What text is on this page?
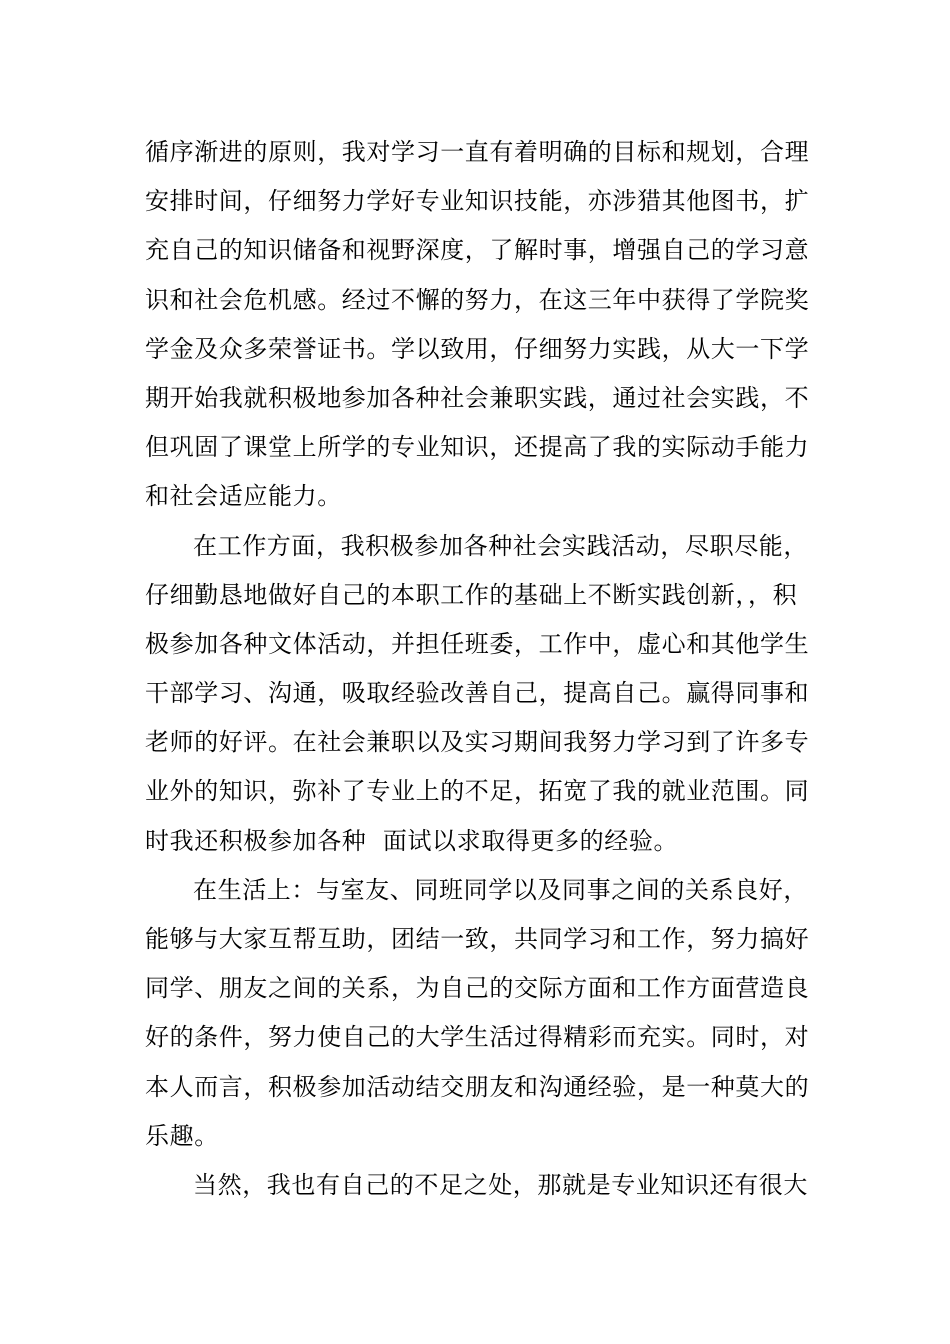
循序渐进的原则，我对学习一直有着明确的目标和规划，合理
安排时间，仔细努力学好专业知识技能，亦涉猎其他图书，扩
充自己的知识储备和视野深度，了解时事，增强自己的学习意
识和社会危机感。经过不懈的努力，在这三年中获得了学院奖
学金及众多荣誉证书。学以致用，仔细努力实践，从大一下学
期开始我就积极地参加各种社会兼职实践，通过社会实践，不
但巩固了课堂上所学的专业知识，还提高了我的实际动手能力
和社会适应能力。
在工作方面，我积极参加各种社会实践活动，尽职尽能，
仔细勤恳地做好自己的本职工作的基础上不断实践创新，，积
极参加各种文体活动，并担任班委，工作中，虚心和其他学生
干部学习、沟通，吸取经验改善自己，提高自己。赢得同事和
老师的好评。在社会兼职以及实习期间我努力学习到了许多专
业外的知识，弥补了专业上的不足，拓宽了我的就业范围。同
时我还积极参加各种  面试以求取得更多的经验。
在生活上：与室友、同班同学以及同事之间的关系良好，
能够与大家互帮互助，团结一致，共同学习和工作，努力搞好
同学、朋友之间的关系，为自己的交际方面和工作方面营造良
好的条件，努力使自己的大学生活过得精彩而充实。同时，对
本人而言，积极参加活动结交朋友和沟通经验，是一种莫大的
乐趣。
当然，我也有自己的不足之处，那就是专业知识还有很大
